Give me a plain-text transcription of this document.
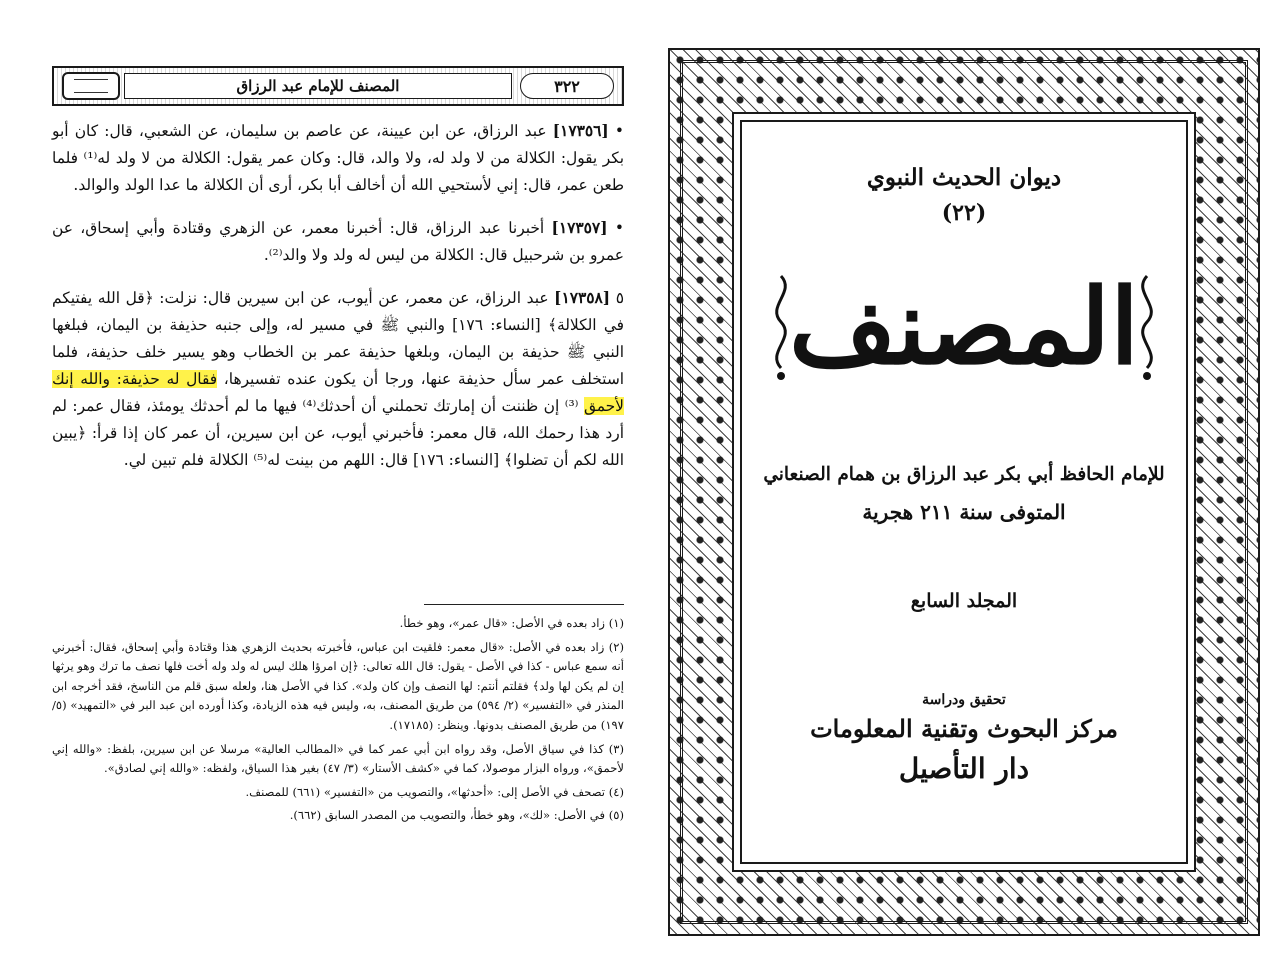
٣٢٢
المصنف للإمام عبد الرزاق

• [١٧٣٥٦] عبد الرزاق، عن ابن عيينة، عن عاصم بن سليمان، عن الشعبي، قال: كان أبو بكر يقول: الكلالة من لا ولد له، ولا والد، قال: وكان عمر يقول: الكلالة من لا ولد له⁽¹⁾ فلما طعن عمر، قال: إني لأستحيي الله أن أخالف أبا بكر، أرى أن الكلالة ما عدا الولد والوالد.

• [١٧٣٥٧] أخبرنا عبد الرزاق، قال: أخبرنا معمر، عن الزهري وقتادة وأبي إسحاق، عن عمرو بن شرحبيل قال: الكلالة من ليس له ولد ولا والد⁽²⁾.

٥ [١٧٣٥٨] عبد الرزاق، عن معمر، عن أيوب، عن ابن سيرين قال: نزلت: ﴿قل الله يفتيكم في الكلالة﴾ [النساء: ١٧٦] والنبي ﷺ في مسير له، وإلى جنبه حذيفة بن اليمان، فبلغها النبي ﷺ حذيفة بن اليمان، وبلغها حذيفة عمر بن الخطاب وهو يسير خلف حذيفة، فلما استخلف عمر سأل حذيفة عنها، ورجا أن يكون عنده تفسيرها، فقال له حذيفة: والله إنك لأحمق ⁽³⁾ إن ظننت أن إمارتك تحملني أن أحدثك⁽⁴⁾ فيها ما لم أحدثك يومئذ، فقال عمر: لم أرد هذا رحمك الله، قال معمر: فأخبرني أيوب، عن ابن سيرين، أن عمر كان إذا قرأ: ﴿يبين الله لكم أن تضلوا﴾ [النساء: ١٧٦] قال: اللهم من بينت له⁽⁵⁾ الكلالة فلم تبين لي.

(١) زاد بعده في الأصل: «قال عمر»، وهو خطأ.

(٢) زاد بعده في الأصل: «قال معمر: فلقيت ابن عباس، فأخبرته بحديث الزهري هذا وقتادة وأبي إسحاق، فقال: أخبرني أنه سمع عباس - كذا في الأصل - يقول: قال الله تعالى: ﴿إن امرؤا هلك ليس له ولد وله أخت فلها نصف ما ترك وهو يرثها إن لم يكن لها ولد﴾ فقلتم أنتم: لها النصف وإن كان ولد». كذا في الأصل هنا، ولعله سبق قلم من الناسخ، فقد أخرجه ابن المنذر في «التفسير» (٢/ ٥٩٤) من طريق المصنف، به، وليس فيه هذه الزيادة، وكذا أورده ابن عبد البر في «التمهيد» (٥/ ١٩٧) من طريق المصنف بدونها. وينظر: (١٧١٨٥).

(٣) كذا في سياق الأصل، وقد رواه ابن أبي عمر كما في «المطالب العالية» مرسلا عن ابن سيرين، بلفظ: «والله إني لأحمق»، ورواه البزار موصولا، كما في «كشف الأستار» (٣/ ٤٧) بغير هذا السياق، ولفظه: «والله إني لصادق».

(٤) تصحف في الأصل إلى: «أحدثها»، والتصويب من «التفسير» (٦٦١) للمصنف.

(٥) في الأصل: «لك»، وهو خطأ، والتصويب من المصدر السابق (٦٦٢).

ديوان الحديث النبوي
(٢٢)
المصنف
للإمام الحافظ أبي بكر عبد الرزاق بن همام الصنعاني
المتوفى سنة ٢١١ هجرية
المجلد السابع
تحقيق ودراسة
مركز البحوث وتقنية المعلومات
دار التأصيل
